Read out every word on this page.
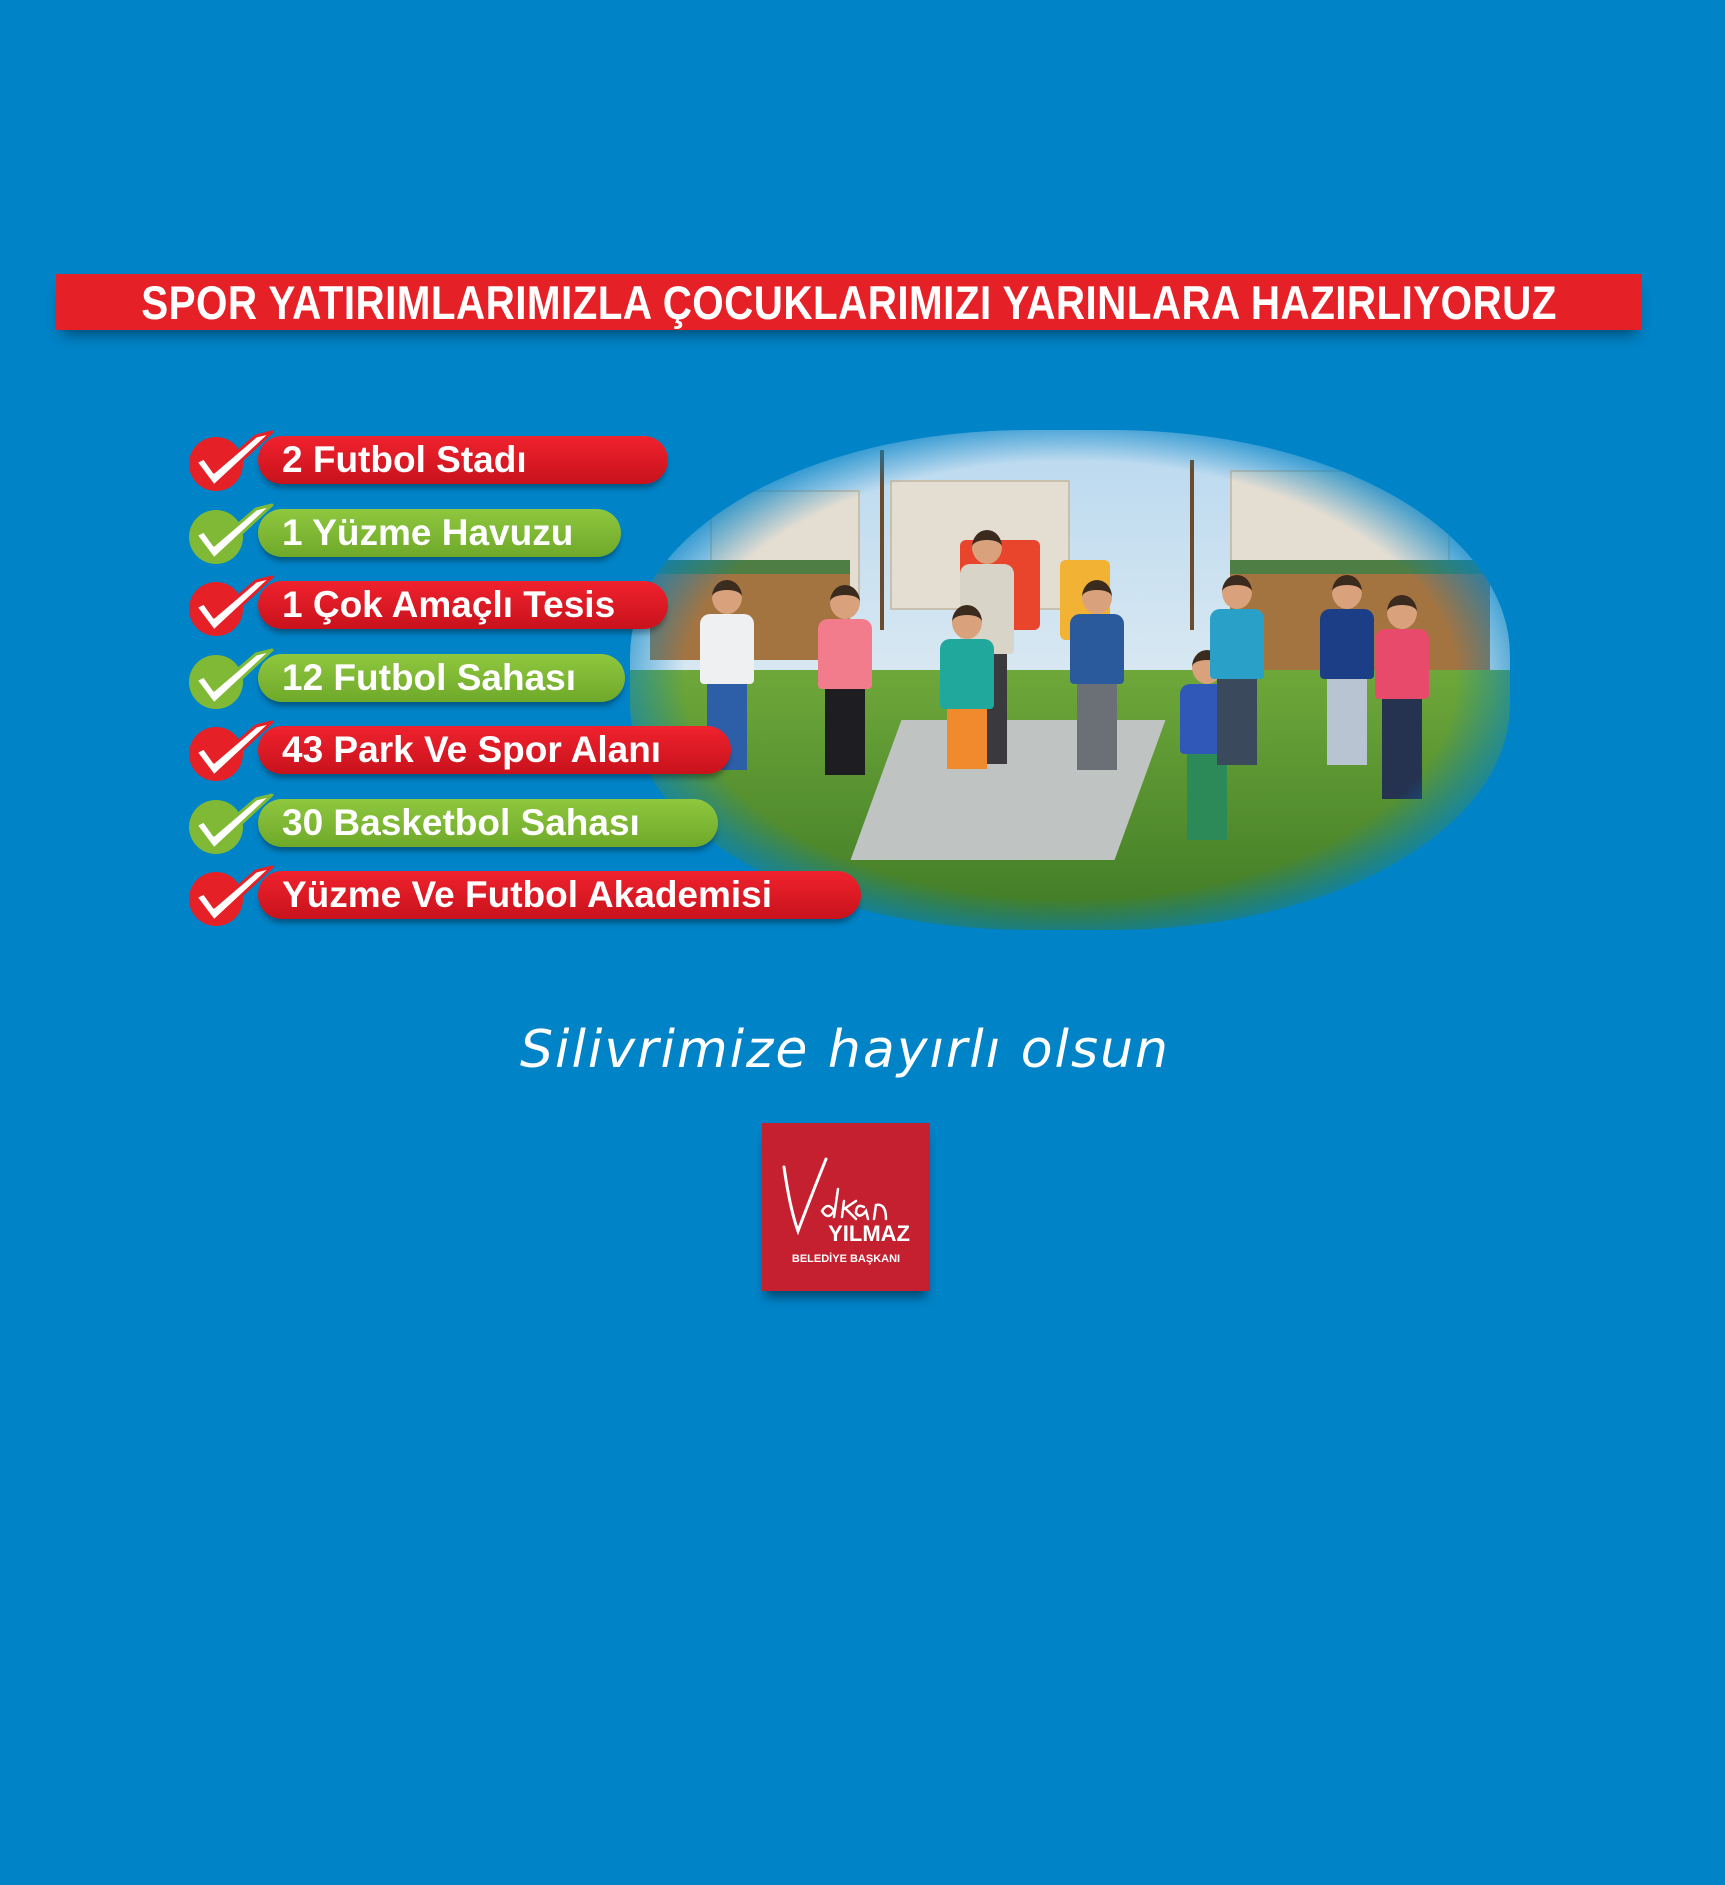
SPOR YATIRIMLARIMIZLA ÇOCUKLARIMIZI YARINLARA HAZIRLIYORUZ
2 Futbol Stadı
1 Yüzme Havuzu
1 Çok Amaçlı Tesis
12 Futbol Sahası
43 Park Ve Spor Alanı
30 Basketbol Sahası
Yüzme Ve Futbol Akademisi
Silivrimize hayırlı olsun
YILMAZ
BELEDİYE BAŞKANI
